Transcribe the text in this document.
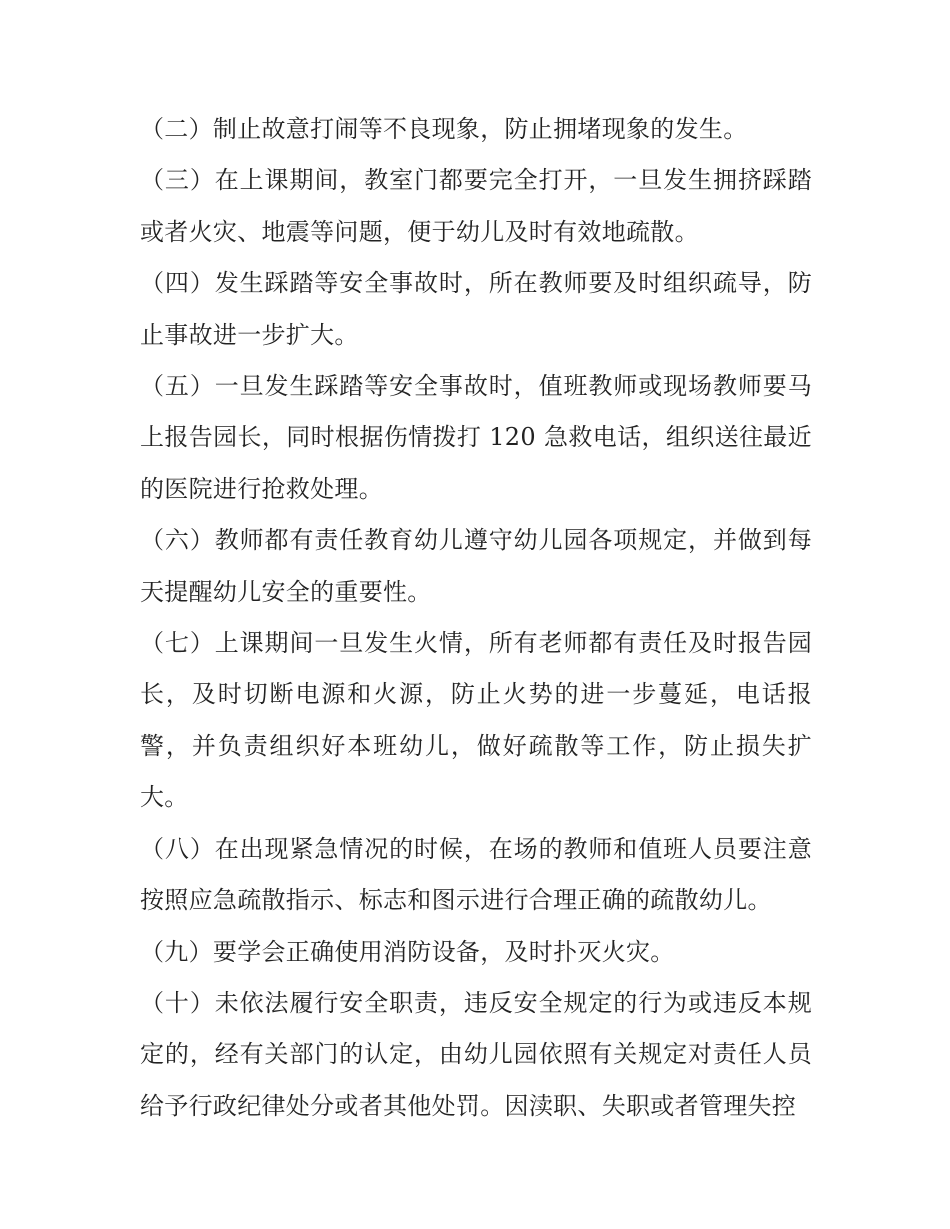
（二）制止故意打闹等不良现象，防止拥堵现象的发生。

（三）在上课期间，教室门都要完全打开，一旦发生拥挤踩踏或者火灾、地震等问题，便于幼儿及时有效地疏散。

（四）发生踩踏等安全事故时，所在教师要及时组织疏导，防止事故进一步扩大。

（五）一旦发生踩踏等安全事故时，值班教师或现场教师要马上报告园长，同时根据伤情拨打 120 急救电话，组织送往最近的医院进行抢救处理。

（六）教师都有责任教育幼儿遵守幼儿园各项规定，并做到每天提醒幼儿安全的重要性。

（七）上课期间一旦发生火情，所有老师都有责任及时报告园长，及时切断电源和火源，防止火势的进一步蔓延，电话报警，并负责组织好本班幼儿，做好疏散等工作，防止损失扩大。

（八）在出现紧急情况的时候，在场的教师和值班人员要注意按照应急疏散指示、标志和图示进行合理正确的疏散幼儿。

（九）要学会正确使用消防设备，及时扑灭火灾。

（十）未依法履行安全职责，违反安全规定的行为或违反本规定的，经有关部门的认定，由幼儿园依照有关规定对责任人员给予行政纪律处分或者其他处罚。因渎职、失职或者管理失控
